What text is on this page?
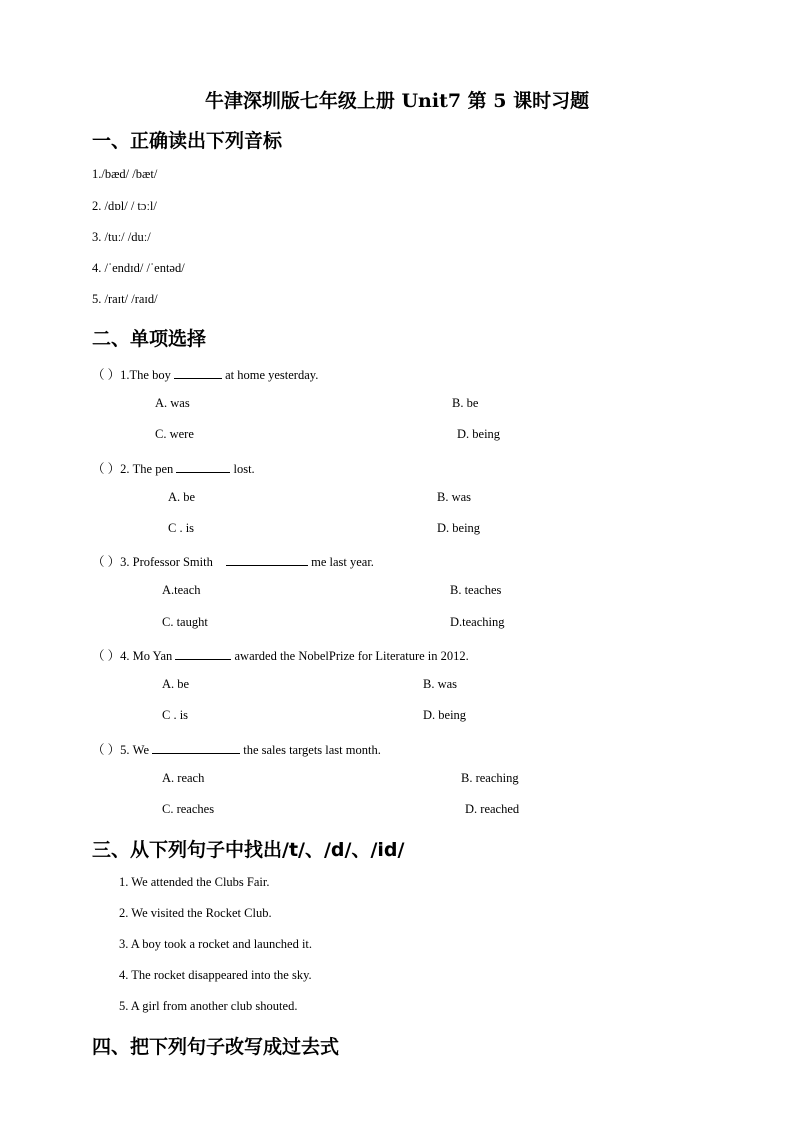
牛津深圳版七年级上册 Unit7 第 5 课时习题
一、正确读出下列音标
1./bæd/ /bæt/
2. /dɒl/ / tɔːl/
3. /tuː/ /duː/
4. /ˈendɪd/ /ˈentəd/
5. /raɪt/ /raɪd/
二、单项选择
（ ）1.The boy	at home yesterday.
A. was	B. be
C. were	D. being
（ ）2. The pen	lost.
A. be	B. was
C . is	D. being
（ ）3. Professor Smith	me last year.
A.teach	B. teaches
C. taught	D.teaching
（ ）4. Mo Yan	awarded the NobelPrize for Literature in 2012.
A. be	B. was
C . is	D. being
（ ）5. We	the sales targets last month.
A. reach	B. reaching
C. reaches	D. reached
三、从下列句子中找出/t/、/d/、/id/
1. We attended the Clubs Fair.
2. We visited the Rocket Club.
3. A boy took a rocket and launched it.
4. The rocket disappeared into the sky.
5. A girl from another club shouted.
四、把下列句子改写成过去式
